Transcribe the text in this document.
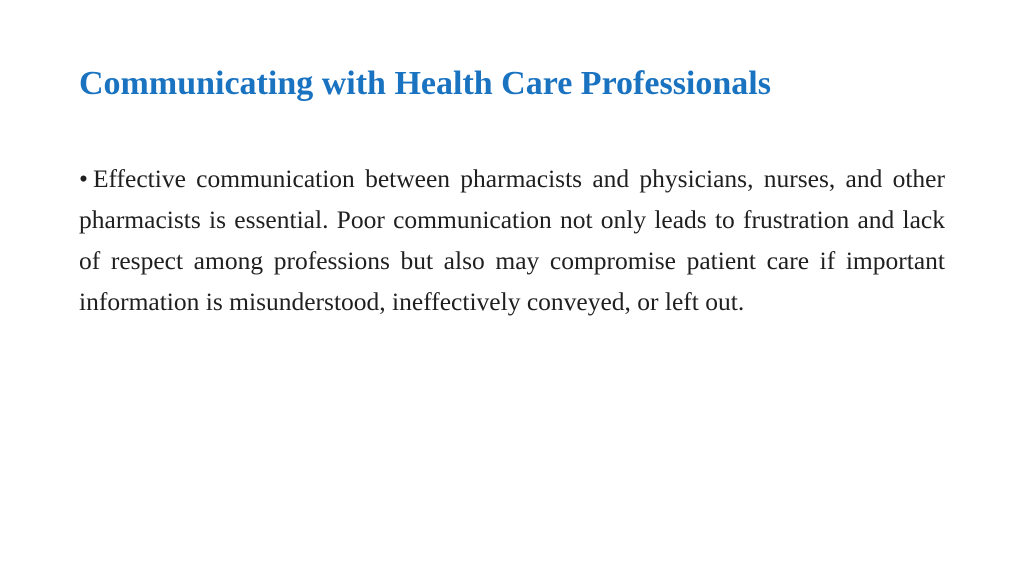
Communicating with Health Care Professionals

• Effective communication between pharmacists and physicians, nurses, and other pharmacists is essential. Poor communication not only leads to frustration and lack of respect among professions but also may compromise patient care if important information is misunderstood, ineffectively conveyed, or left out.
